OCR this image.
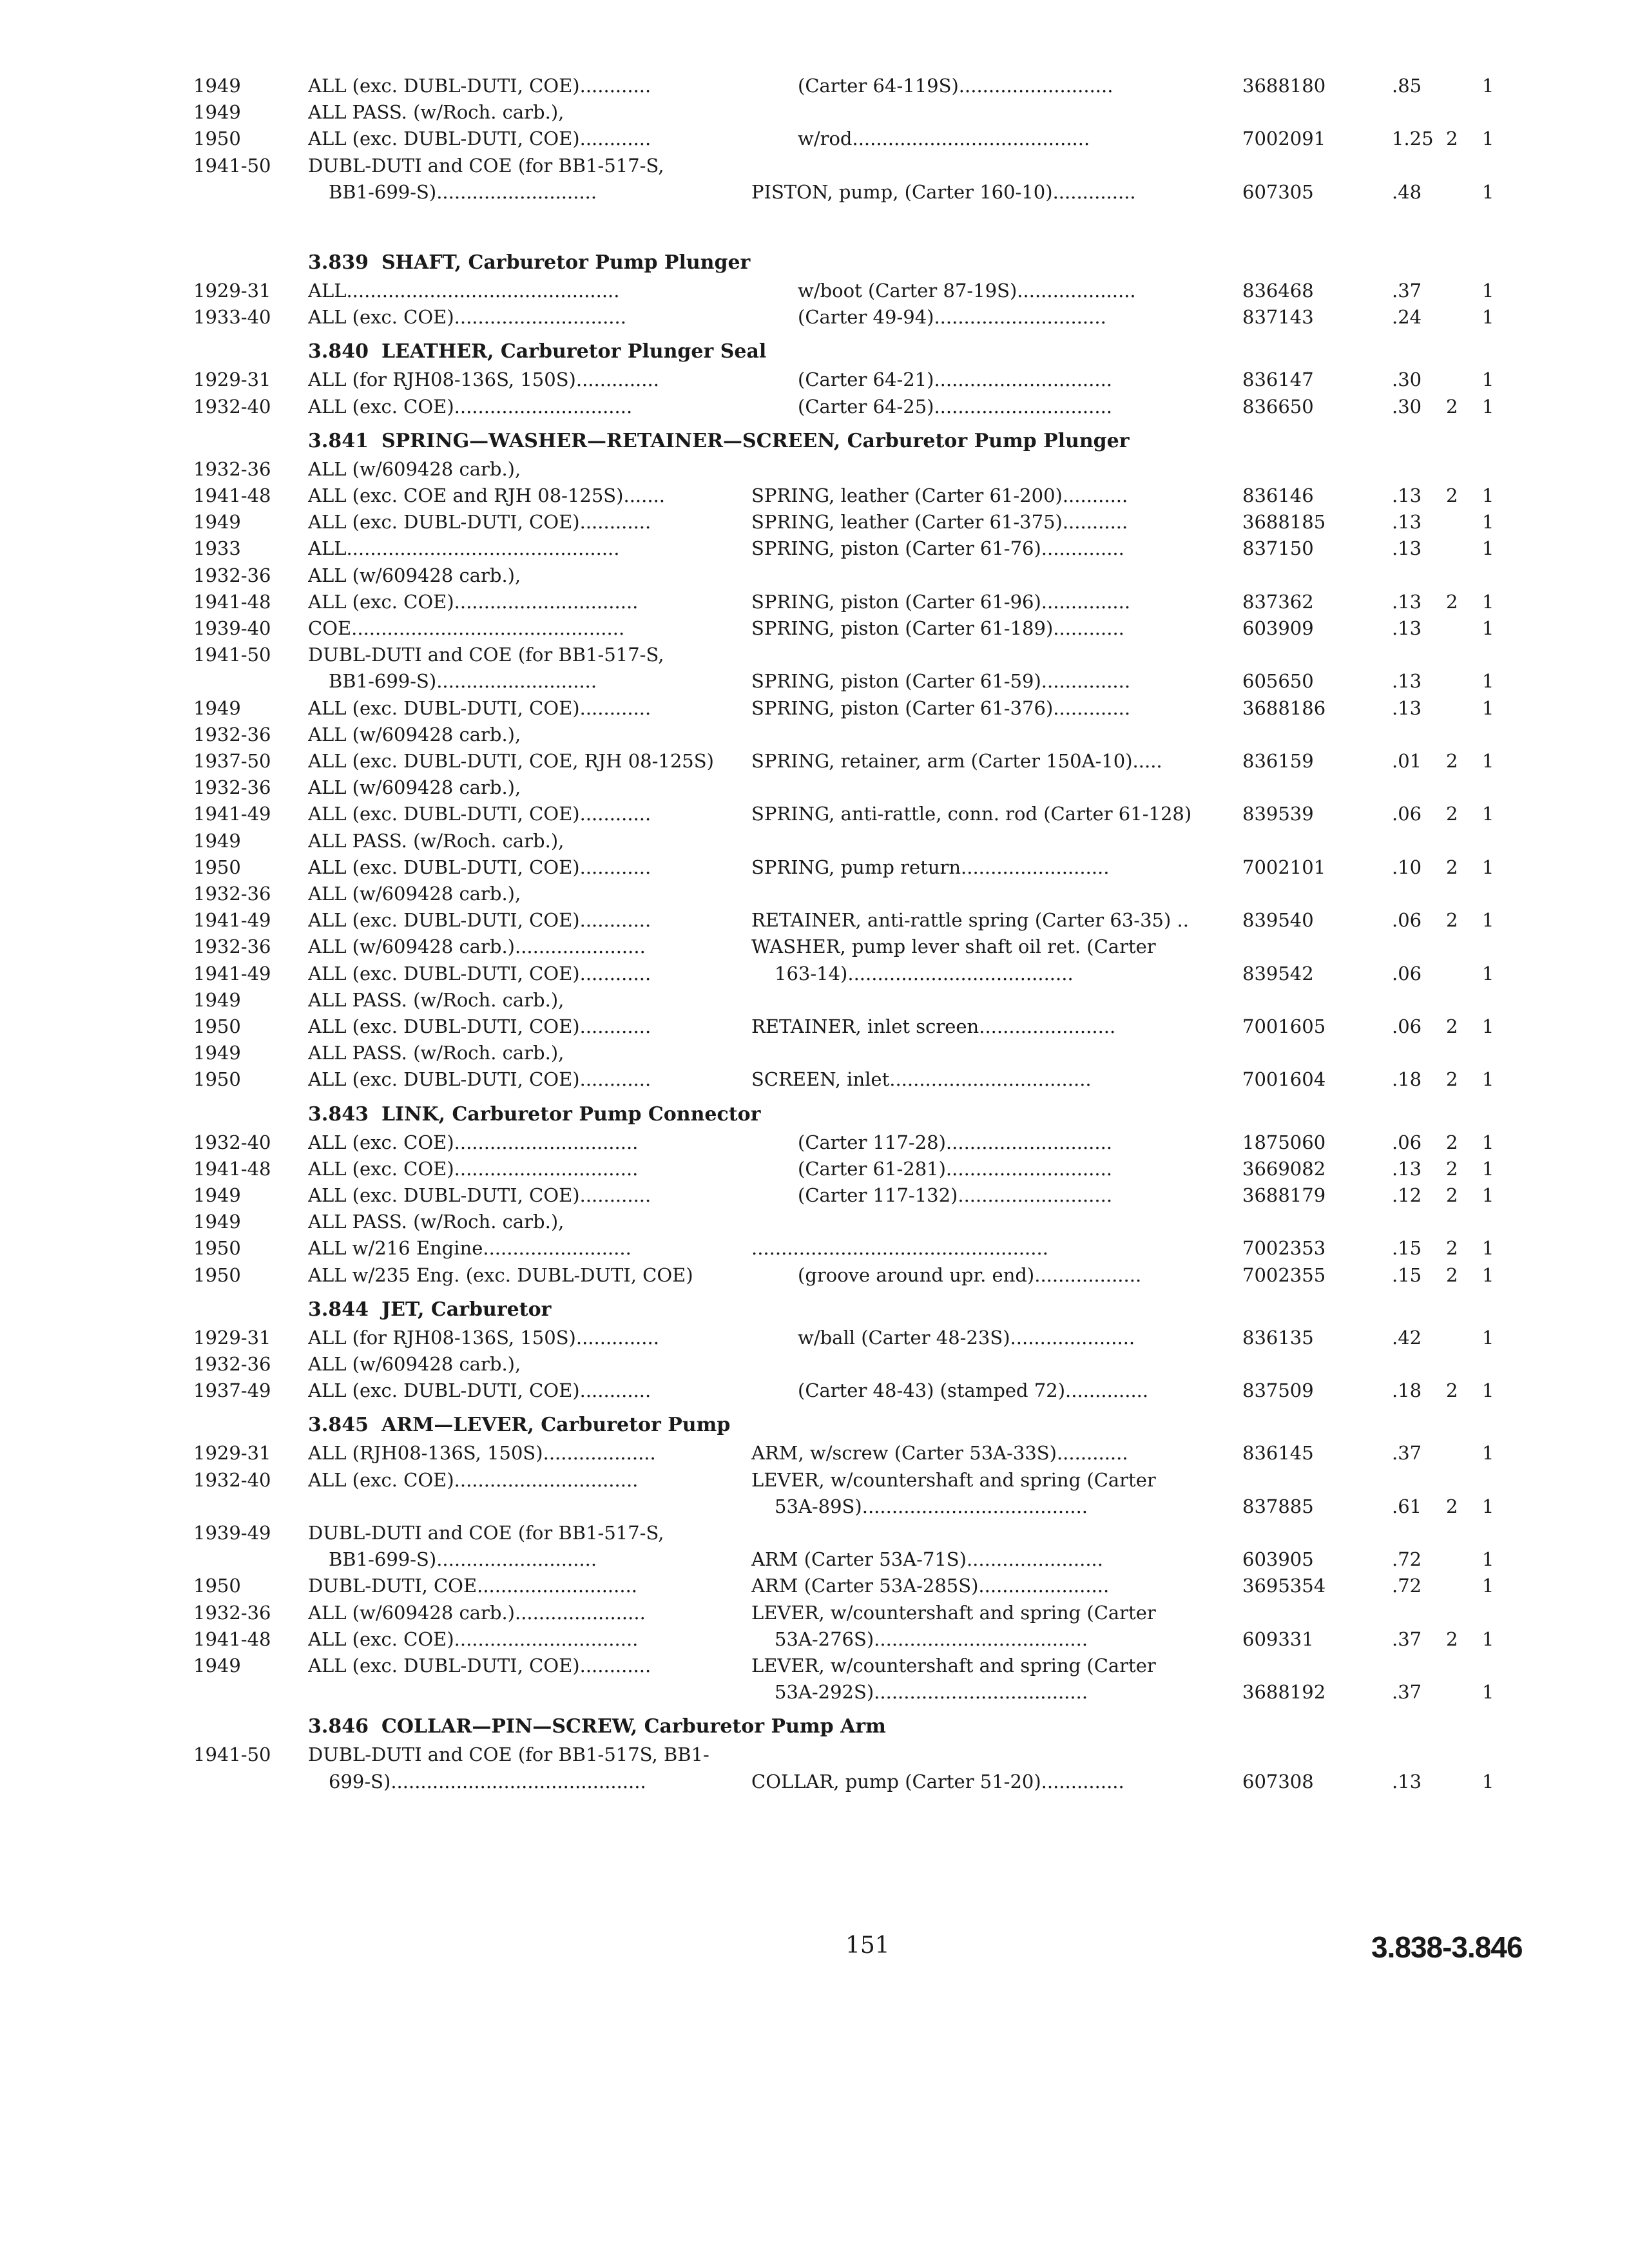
1949	ALL (exc. DUBL-DUTI, COE)............	(Carter 64-119S)..........................	3688180	.85	1
1949	ALL PASS. (w/Roch. carb.),
1950	ALL (exc. DUBL-DUTI, COE)............	w/rod........................................	7002091	1.25 2 1
1941-50 DUBL-DUTI and COE (for BB1-517-S,
BB1-699-S)...........................	PISTON, pump, (Carter 160-10)..............	607305	.48	1
3.839 SHAFT, Carburetor Pump Plunger
1929-31 ALL..............................................	w/boot (Carter 87-19S)....................	836468	.37	1
1933-40 ALL (exc. COE).............................	(Carter 49-94).............................	837143	.24	1
3.840 LEATHER, Carburetor Plunger Seal
1929-31 ALL (for RJH08-136S, 150S)..............	(Carter 64-21)..............................	836147	.30	1
1932-40 ALL (exc. COE)..............................	(Carter 64-25)..............................	836650	.30 2 1
3.841 SPRING—WASHER—RETAINER—SCREEN, Carburetor Pump Plunger
1932-36 ALL (w/609428 carb.),
1941-48 ALL (exc. COE and RJH 08-125S).......	SPRING, leather (Carter 61-200)...........	836146	.13 2 1
1949	ALL (exc. DUBL-DUTI, COE)............	SPRING, leather (Carter 61-375)...........	3688185	.13	1
1933	ALL..............................................	SPRING, piston (Carter 61-76)..............	837150	.13	1
1932-36 ALL (w/609428 carb.),
1941-48 ALL (exc. COE)...............................	SPRING, piston (Carter 61-96)...............	837362	.13 2 1
1939-40 COE..............................................	SPRING, piston (Carter 61-189)............	603909	.13	1
1941-50 DUBL-DUTI and COE (for BB1-517-S,
BB1-699-S)...........................	SPRING, piston (Carter 61-59)...............	605650	.13	1
1949	ALL (exc. DUBL-DUTI, COE)............	SPRING, piston (Carter 61-376).............	3688186	.13	1
1932-36 ALL (w/609428 carb.),
1937-50 ALL (exc. DUBL-DUTI, COE, RJH 08-125S)	SPRING, retainer, arm (Carter 150A-10).....	836159	.01 2 1
1932-36 ALL (w/609428 carb.),
1941-49 ALL (exc. DUBL-DUTI, COE)............	SPRING, anti-rattle, conn. rod (Carter 61-128)	839539	.06 2 1
1949	ALL PASS. (w/Roch. carb.),
1950	ALL (exc. DUBL-DUTI, COE)............	SPRING, pump return.........................	7002101	.10 2 1
1932-36 ALL (w/609428 carb.),
1941-49 ALL (exc. DUBL-DUTI, COE)............	RETAINER, anti-rattle spring (Carter 63-35) ..	839540	.06 2 1
1932-36 ALL (w/609428 carb.)......................	WASHER, pump lever shaft oil ret. (Carter
1941-49 ALL (exc. DUBL-DUTI, COE)............	163-14)......................................	839542	.06	1
1949	ALL PASS. (w/Roch. carb.),
1950	ALL (exc. DUBL-DUTI, COE)............	RETAINER, inlet screen.......................	7001605	.06 2 1
1949	ALL PASS. (w/Roch. carb.),
1950	ALL (exc. DUBL-DUTI, COE)............	SCREEN, inlet..................................	7001604	.18 2 1
3.843 LINK, Carburetor Pump Connector
1932-40 ALL (exc. COE)...............................	(Carter 117-28)............................	1875060	.06 2 1
1941-48 ALL (exc. COE)...............................	(Carter 61-281)............................	3669082	.13 2 1
1949	ALL (exc. DUBL-DUTI, COE)............	(Carter 117-132)..........................	3688179	.12 2 1
1949	ALL PASS. (w/Roch. carb.),
1950	ALL w/216 Engine.........................	..................................................	7002353	.15 2 1
1950	ALL w/235 Eng. (exc. DUBL-DUTI, COE)	(groove around upr. end)..................	7002355	.15 2 1
3.844 JET, Carburetor
1929-31 ALL (for RJH08-136S, 150S)..............	w/ball (Carter 48-23S).....................	836135	.42	1
1932-36 ALL (w/609428 carb.),
1937-49 ALL (exc. DUBL-DUTI, COE)............	(Carter 48-43) (stamped 72)..............	837509	.18 2 1
3.845 ARM—LEVER, Carburetor Pump
1929-31 ALL (RJH08-136S, 150S)...................	ARM, w/screw (Carter 53A-33S)............	836145	.37	1
1932-40 ALL (exc. COE)...............................	LEVER, w/countershaft and spring (Carter
53A-89S)......................................	837885	.61 2 1
1939-49 DUBL-DUTI and COE (for BB1-517-S,
BB1-699-S)...........................	ARM (Carter 53A-71S).......................	603905	.72	1
1950	DUBL-DUTI, COE...........................	ARM (Carter 53A-285S)......................	3695354	.72	1
1932-36 ALL (w/609428 carb.)......................	LEVER, w/countershaft and spring (Carter
1941-48 ALL (exc. COE)...............................	53A-276S)....................................	609331	.37 2 1
1949	ALL (exc. DUBL-DUTI, COE)............	LEVER, w/countershaft and spring (Carter
53A-292S)....................................	3688192	.37	1
3.846 COLLAR—PIN—SCREW, Carburetor Pump Arm
1941-50 DUBL-DUTI and COE (for BB1-517S, BB1-
699-S)...........................................	COLLAR, pump (Carter 51-20)..............	607308	.13	1
151	3.838-3.846
